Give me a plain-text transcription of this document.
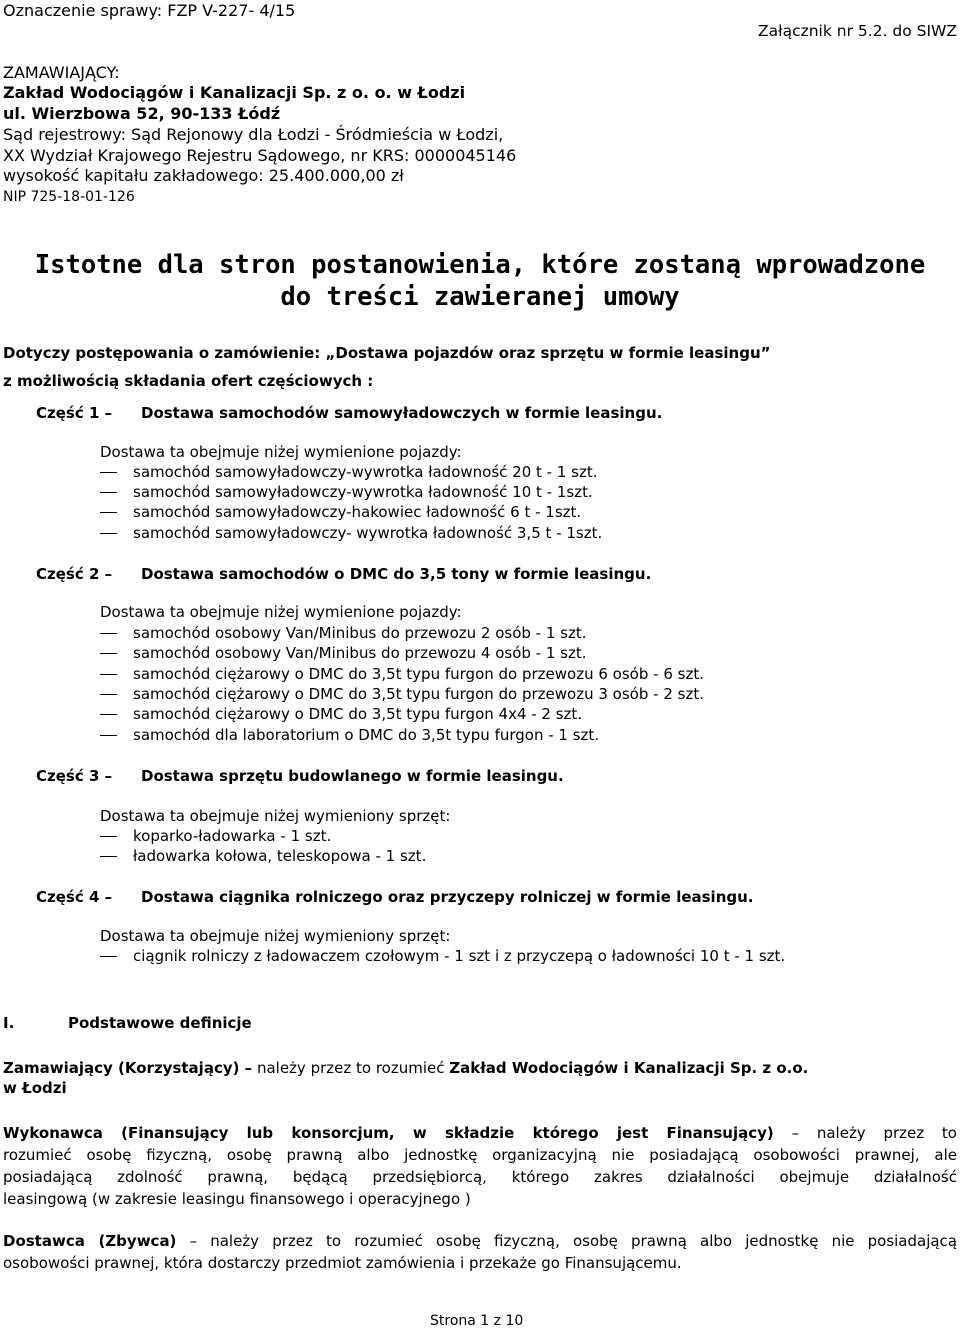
Oznaczenie sprawy: FZP V-227- 4/15
Załącznik nr 5.2. do SIWZ
ZAMAWIAJĄCY:
Zakład Wodociągów i Kanalizacji Sp. z o. o. w Łodzi
ul. Wierzbowa 52, 90-133 Łódź
Sąd rejestrowy: Sąd Rejonowy dla Łodzi - Śródmieścia w Łodzi,
XX Wydział Krajowego Rejestru Sądowego, nr KRS: 0000045146
wysokość kapitału zakładowego: 25.400.000,00 zł
NIP 725-18-01-126
Istotne dla stron postanowienia, które zostaną wprowadzone
do treści zawieranej umowy
Dotyczy postępowania o zamówienie: „Dostawa pojazdów oraz sprzętu w formie leasingu”
z możliwością składania ofert częściowych :
Część 1 – Dostawa samochodów samowyładowczych w formie leasingu.
Dostawa ta obejmuje niżej wymienione pojazdy:
samochód samowyładowczy-wywrotka ładowność 20 t - 1 szt.
samochód samowyładowczy-wywrotka ładowność 10 t - 1szt.
samochód samowyładowczy-hakowiec ładowność 6 t - 1szt.
samochód samowyładowczy- wywrotka ładowność 3,5 t - 1szt.
Część 2 – Dostawa samochodów o DMC do 3,5 tony w formie leasingu.
Dostawa ta obejmuje niżej wymienione pojazdy:
samochód osobowy Van/Minibus do przewozu 2 osób - 1 szt.
samochód osobowy Van/Minibus do przewozu 4 osób - 1 szt.
samochód ciężarowy o DMC do 3,5t typu furgon do przewozu 6 osób - 6 szt.
samochód ciężarowy o DMC do 3,5t typu furgon do przewozu 3 osób - 2 szt.
samochód ciężarowy o DMC do 3,5t typu furgon 4x4 - 2 szt.
samochód dla laboratorium o DMC do 3,5t typu furgon - 1 szt.
Część 3 – Dostawa sprzętu budowlanego w formie leasingu.
Dostawa ta obejmuje niżej wymieniony sprzęt:
koparko-ładowarka - 1 szt.
ładowarka kołowa, teleskopowa - 1 szt.
Część 4 – Dostawa ciągnika rolniczego oraz przyczepy rolniczej w formie leasingu.
Dostawa ta obejmuje niżej wymieniony sprzęt:
ciągnik rolniczy z ładowaczem czołowym - 1 szt i z przyczepą o ładowności 10 t - 1 szt.
I.	Podstawowe definicje
Zamawiający (Korzystający) – należy przez to rozumieć Zakład Wodociągów i Kanalizacji Sp. z o.o.
w Łodzi
Wykonawca (Finansujący lub konsorcjum, w składzie którego jest Finansujący) – należy przez to
rozumieć osobę fizyczną, osobę prawną albo jednostkę organizacyjną nie posiadającą osobowości prawnej, ale
posiadającą zdolność prawną, będącą przedsiębiorcą, którego zakres działalności obejmuje działalność
leasingową (w zakresie leasingu finansowego i operacyjnego )
Dostawca (Zbywca) – należy przez to rozumieć osobę fizyczną, osobę prawną albo jednostkę nie posiadającą
osobowości prawnej, która dostarczy przedmiot zamówienia i przekaże go Finansującemu.
Strona 1 z 10
